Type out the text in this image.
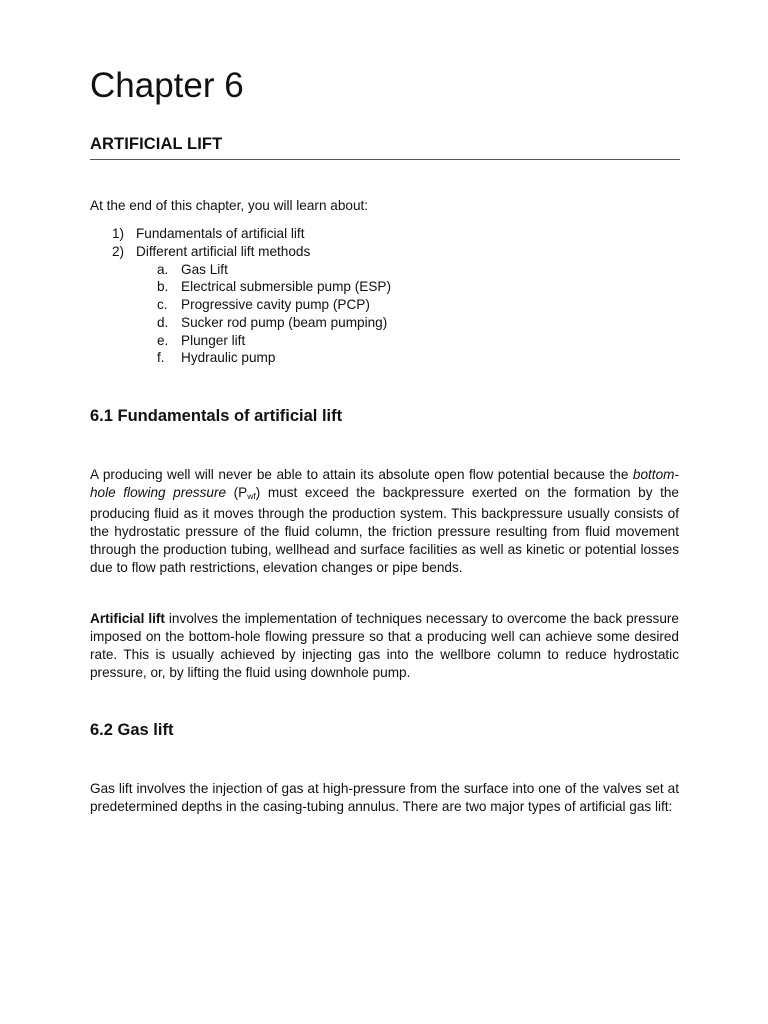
Chapter 6
ARTIFICIAL LIFT

At the end of this chapter, you will learn about:

1) Fundamentals of artificial lift
2) Different artificial lift methods
a. Gas Lift
b. Electrical submersible pump (ESP)
c. Progressive cavity pump (PCP)
d. Sucker rod pump (beam pumping)
e. Plunger lift
f. Hydraulic pump
6.1 Fundamentals of artificial lift

A producing well will never be able to attain its absolute open flow potential because the bottom-hole flowing pressure $(P_{wf})$ must exceed the backpressure exerted on the formation by the producing fluid as it moves through the production system. This backpressure usually consists of the hydrostatic pressure of the fluid column, the friction pressure resulting from fluid movement through the production tubing, wellhead and surface facilities as well as kinetic or potential losses due to flow path restrictions, elevation changes or pipe bends.

Artificial lift involves the implementation of techniques necessary to overcome the back pressure imposed on the bottom-hole flowing pressure so that a producing well can achieve some desired rate. This is usually achieved by injecting gas into the wellbore column to reduce hydrostatic pressure, or, by lifting the fluid using downhole pump.

6.2 Gas lift

Gas lift involves the injection of gas at high-pressure from the surface into one of the valves set at predetermined depths in the casing-tubing annulus. There are two major types of artificial gas lift:
